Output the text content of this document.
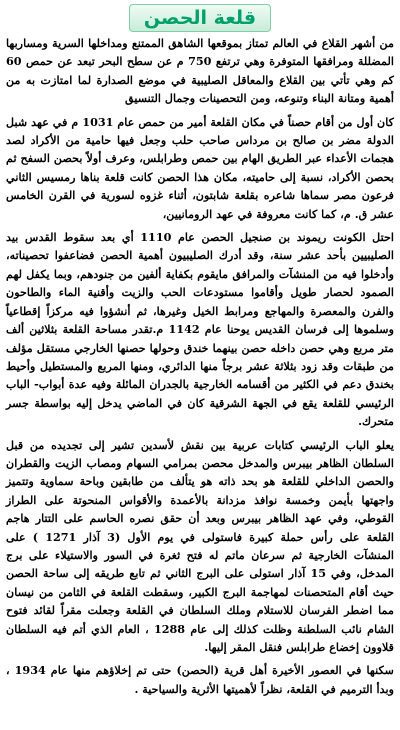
قلعة الحصن

من أشهر القلاع في العالم تمتاز بموقعها الشاهق الممتنع ومداخلها السرية ومساربها المضللة ومرافقها المتوفرة وهي ترتفع 750 م عن سطح البحر تبعد عن حمص 60 كم وهي تأتي بين القلاع والمعاقل الصليبية في موضع الصدارة لما امتازت به من أهمية ومتانة البناء وتنوعه، ومن التحصينات وجمال التنسيق

كان أول من أقام حصناً في مكان القلعة أمير من حمص عام 1031 م في عهد شبل الدولة مضر بن صالح بن مرداس صاحب حلب وجعل فيها حامية من الأكراد لصد هجمات الأعداء عبر الطريق الهام بين حمص وطرابلس، وعرف أولاً بحصن السفح ثم بحصن الأكراد، نسبة إلى حاميته، مكان هذا الحصن كانت قلعة بناها رمسيس الثاني فرعون مصر سماها شاعره بقلعة شابتون، أثناء غزوه لسورية في القرن الخامس عشر ق. م، كما كانت معروفة في عهد الرومانيين،

احتل الكونت ريموند بن صنجيل الحصن عام 1110 أي بعد سقوط القدس بيد الصليبيين بأحد عشر سنة، وقد أدرك الصليبيون أهمية الحصن فضاعفوا تحصيناته، وأدخلوا فيه من المنشآت والمرافق مايقوم بكفاية ألفين من جنودهم، وبما يكفل لهم الصمود لحصار طويل وأقاموا مستودعات الحب والزيت وأقنية الماء والطاحون والفرن والمعصرة والمهاجع ومرابط الخيل وغيرها، ثم أنشؤوا فيه مركزاً إقطاعياً وسلموها إلى فرسان القديس يوحنا عام 1142 م.تقدر مساحة القلعة بثلاثين ألف متر مربع وهي حصن داخله حصن بينهما خندق وحولها حصنها الخارجي مستقل مؤلف من طبقات وقد زود بثلاثة عشر برجاً منها الدائري، ومنها المربع والمستطيل وأحيط بخندق دعم في الكثير من أقسامه الخارجية بالجدران المائلة وفيه عدة أبواب- الباب الرئيسي للقلعة يقع في الجهة الشرقية كان في الماضي يدخل إليه بواسطة جسر متحرك.

يعلو الباب الرئيسي كتابات عربية بين نقش لأسدين تشير إلى تجديده من قبل السلطان الظاهر بيبرس والمدخل محصن بمرامي السهام ومصاب الزيت والقطران والحصن الداخلي للقلعة هو بحد ذاته هو يتألف من طابقين وباحة سماوية وتتميز واجهتها بأيمن وخمسة نوافذ مزدانة بالأعمدة والأقواس المنحوتة على الطراز القوطي، وفي عهد الظاهر بيبرس وبعد أن حقق نصره الحاسم على التتار هاجم القلعة على رأس حملة كبيرة فاستولى في يوم الأول (3 آذار 1271 ) على المنشآت الخارجية ثم سرعان ماتم له فتح ثغرة في السور والاستيلاء على برج المدخل، وفي 15 آذار استولى على البرج الثاني ثم تابع طريقه إلى ساحة الحصن حيث أقام المتحصنات لمهاجمة البرج الكبير، وسقطت القلعة في الثامن من نيسان مما اضطر الفرسان للاستلام وملك السلطان في القلعة وجعلت مقراً لقائد فتوح الشام نائب السلطنة وظلت كذلك إلى عام 1288 ، العام الذي أتم فيه السلطان قلاوون إخضاع طرابلس فنقل المقر إليها.

سكنها في العصور الأخيرة أهل قرية (الحصن) حتى تم إخلاؤهم منها عام 1934 ، وبدأ الترميم في القلعة، نظراً لأهميتها الأثرية والسياحية .
